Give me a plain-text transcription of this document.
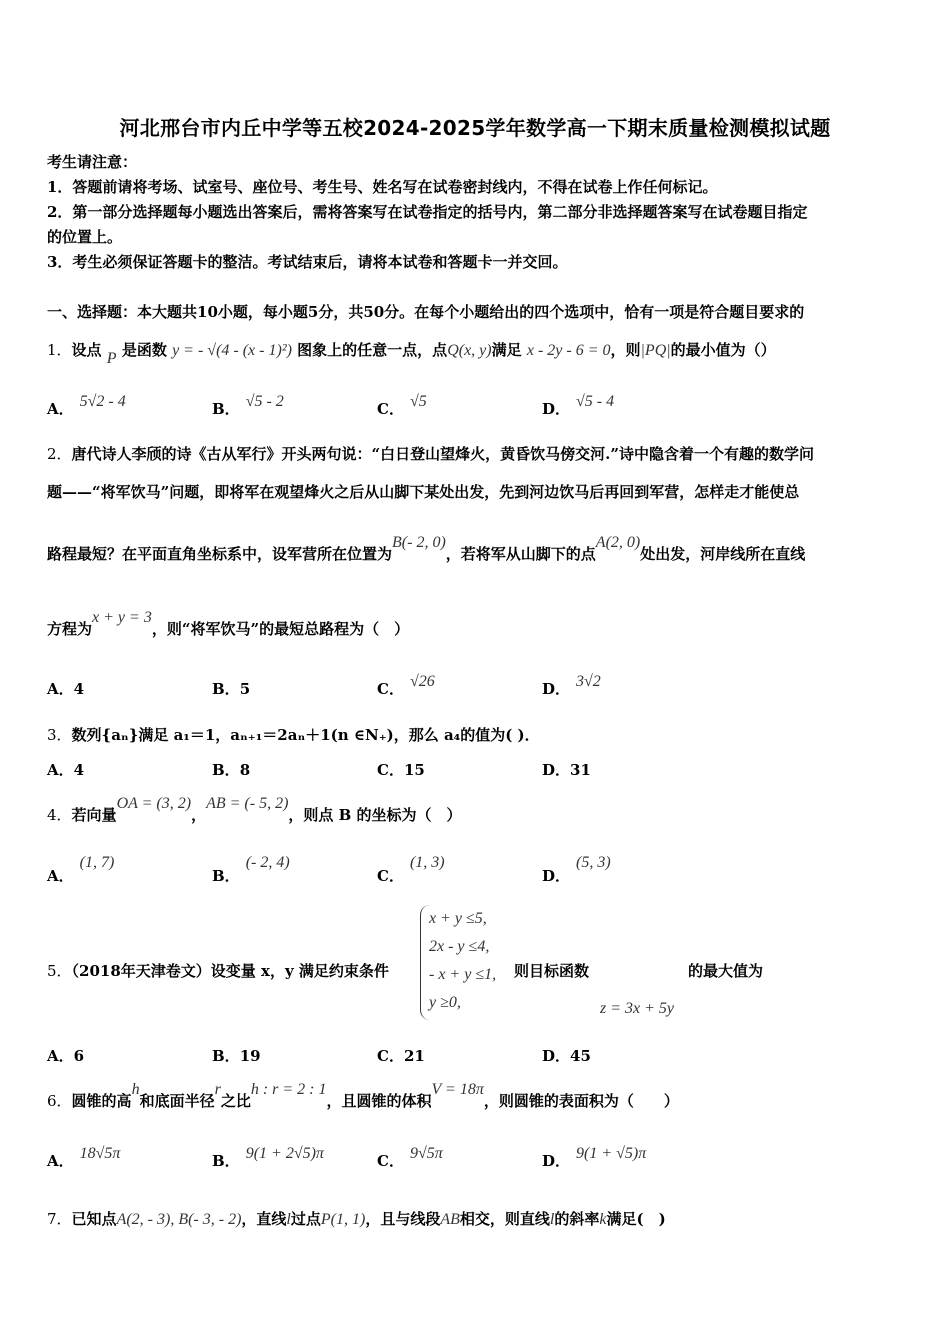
河北邢台市内丘中学等五校2024-2025学年数学高一下期末质量检测模拟试题
考生请注意：
1．答题前请将考场、试室号、座位号、考生号、姓名写在试卷密封线内，不得在试卷上作任何标记。
2．第一部分选择题每小题选出答案后，需将答案写在试卷指定的括号内，第二部分非选择题答案写在试卷题目指定
的位置上。
3．考生必须保证答题卡的整洁。考试结束后，请将本试卷和答题卡一并交回。
一、选择题：本大题共10小题，每小题5分，共50分。在每个小题给出的四个选项中，恰有一项是符合题目要求的
1．设点 P 是函数 y = - √(4 - (x - 1)²) 图象上的任意一点，点Q(x, y)满足 x - 2y - 6 = 0，则|PQ|的最小值为（）
A． 5√2 - 4	B． √5 - 2	C． √5	D． √5 - 4
2．唐代诗人李颀的诗《古从军行》开头两句说：“白日登山望烽火，黄昏饮马傍交河.”诗中隐含着一个有趣的数学问
题——“将军饮马”问题，即将军在观望烽火之后从山脚下某处出发，先到河边饮马后再回到军营，怎样走才能使总
路程最短？在平面直角坐标系中，设军营所在位置为B(- 2, 0)，若将军从山脚下的点A(2, 0)处出发，河岸线所在直线
方程为x + y = 3，则“将军饮马”的最短总路程为（　）
A．4	B．5	C． √26	D． 3√2
3．数列{aₙ}满足 a₁＝1，aₙ₊₁＝2aₙ＋1(n ∈N₊)，那么 a₄的值为( )．
A．4	B．8	C．15	D．31
4．若向量OA = (3, 2)，AB = (- 5, 2)，则点 B 的坐标为（　）
A．(1, 7)
B．(- 2, 4)
C．(1, 3)
D．(5, 3)
5．（2018年天津卷文）设变量 x，y 满足约束条件
x + y ≤5,
2x - y ≤4,
- x + y ≤1,
y ≥0,
则目标函数	的最大值为
z = 3x + 5y
A．6	B．19	C．21	D．45
6．圆锥的高h和底面半径r之比h : r = 2 : 1，且圆锥的体积V = 18π，则圆锥的表面积为（　　）
A． 18√5π	B． 9(1 + 2√5)π	C． 9√5π	D． 9(1 + √5)π
7．已知点A(2, - 3), B(- 3, - 2)，直线l过点P(1, 1)，且与线段AB相交，则直线l的斜率k满足(　)
